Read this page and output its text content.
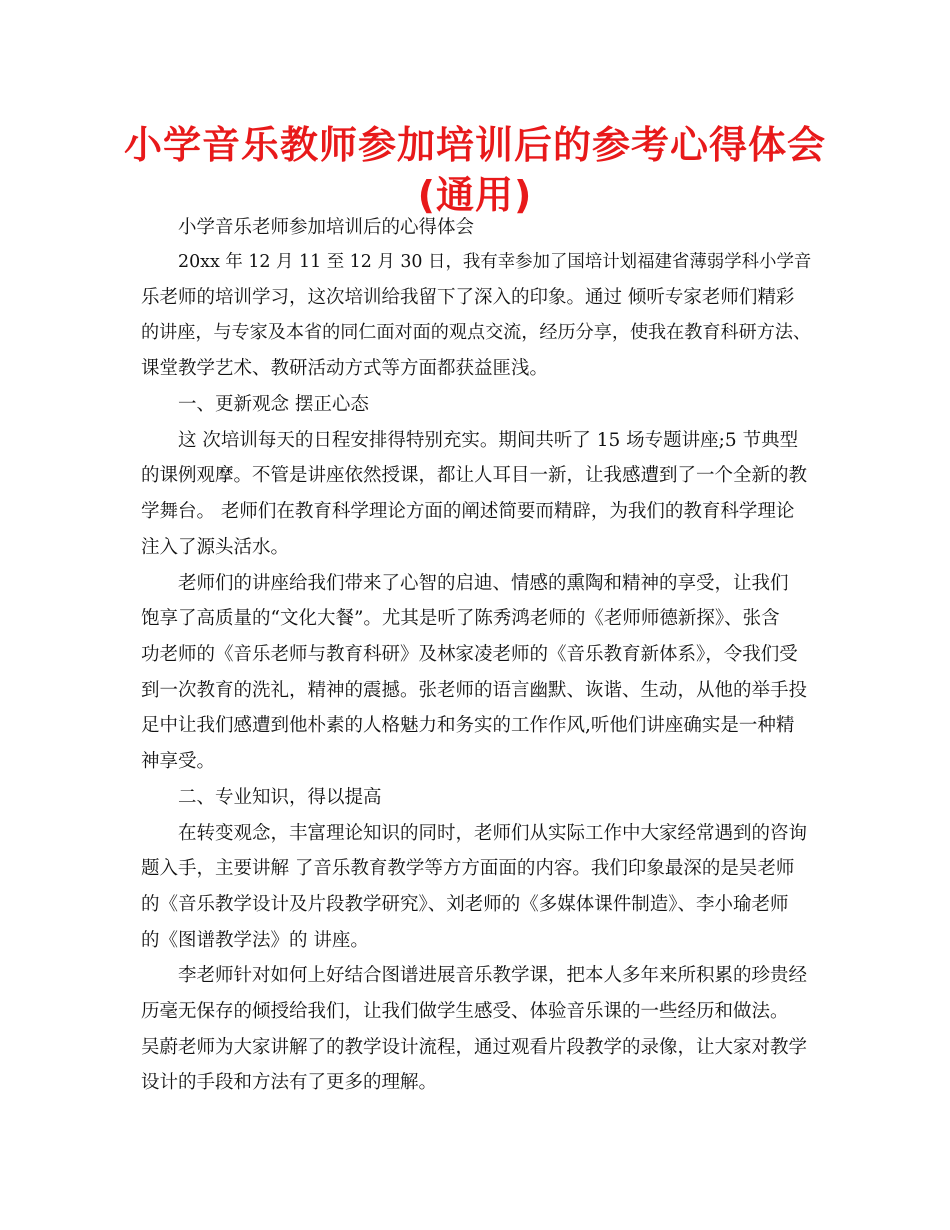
小学音乐教师参加培训后的参考心得体会
(通用)

小学音乐老师参加培训后的心得体会

20xx 年 12 月 11 至 12 月 30 日，我有幸参加了国培计划福建省薄弱学科小学音

乐老师的培训学习，这次培训给我留下了深入的印象。通过 倾听专家老师们精彩

的讲座，与专家及本省的同仁面对面的观点交流，经历分享，使我在教育科研方法、

课堂教学艺术、教研活动方式等方面都获益匪浅。

一、更新观念 摆正心态

这 次培训每天的日程安排得特别充实。期间共听了 15 场专题讲座;5 节典型

的课例观摩。不管是讲座依然授课，都让人耳目一新，让我感遭到了一个全新的教

学舞台。 老师们在教育科学理论方面的阐述简要而精辟，为我们的教育科学理论

注入了源头活水。

老师们的讲座给我们带来了心智的启迪、情感的熏陶和精神的享受，让我们

饱享了高质量的“文化大餐”。尤其是听了陈秀鸿老师的《老师师德新探》、张含

功老师的《音乐老师与教育科研》及林家凌老师的《音乐教育新体系》，令我们受

到一次教育的洗礼，精神的震撼。张老师的语言幽默、诙谐、生动，从他的举手投

足中让我们感遭到他朴素的人格魅力和务实的工作作风,听他们讲座确实是一种精

神享受。

二、专业知识，得以提高

在转变观念，丰富理论知识的同时，老师们从实际工作中大家经常遇到的咨询

题入手，主要讲解 了音乐教育教学等方方面面的内容。我们印象最深的是吴老师

的《音乐教学设计及片段教学研究》、刘老师的《多媒体课件制造》、李小瑜老师

的《图谱教学法》的 讲座。

李老师针对如何上好结合图谱进展音乐教学课，把本人多年来所积累的珍贵经

历毫无保存的倾授给我们，让我们做学生感受、体验音乐课的一些经历和做法。

吴蔚老师为大家讲解了的教学设计流程，通过观看片段教学的录像，让大家对教学

设计的手段和方法有了更多的理解。
